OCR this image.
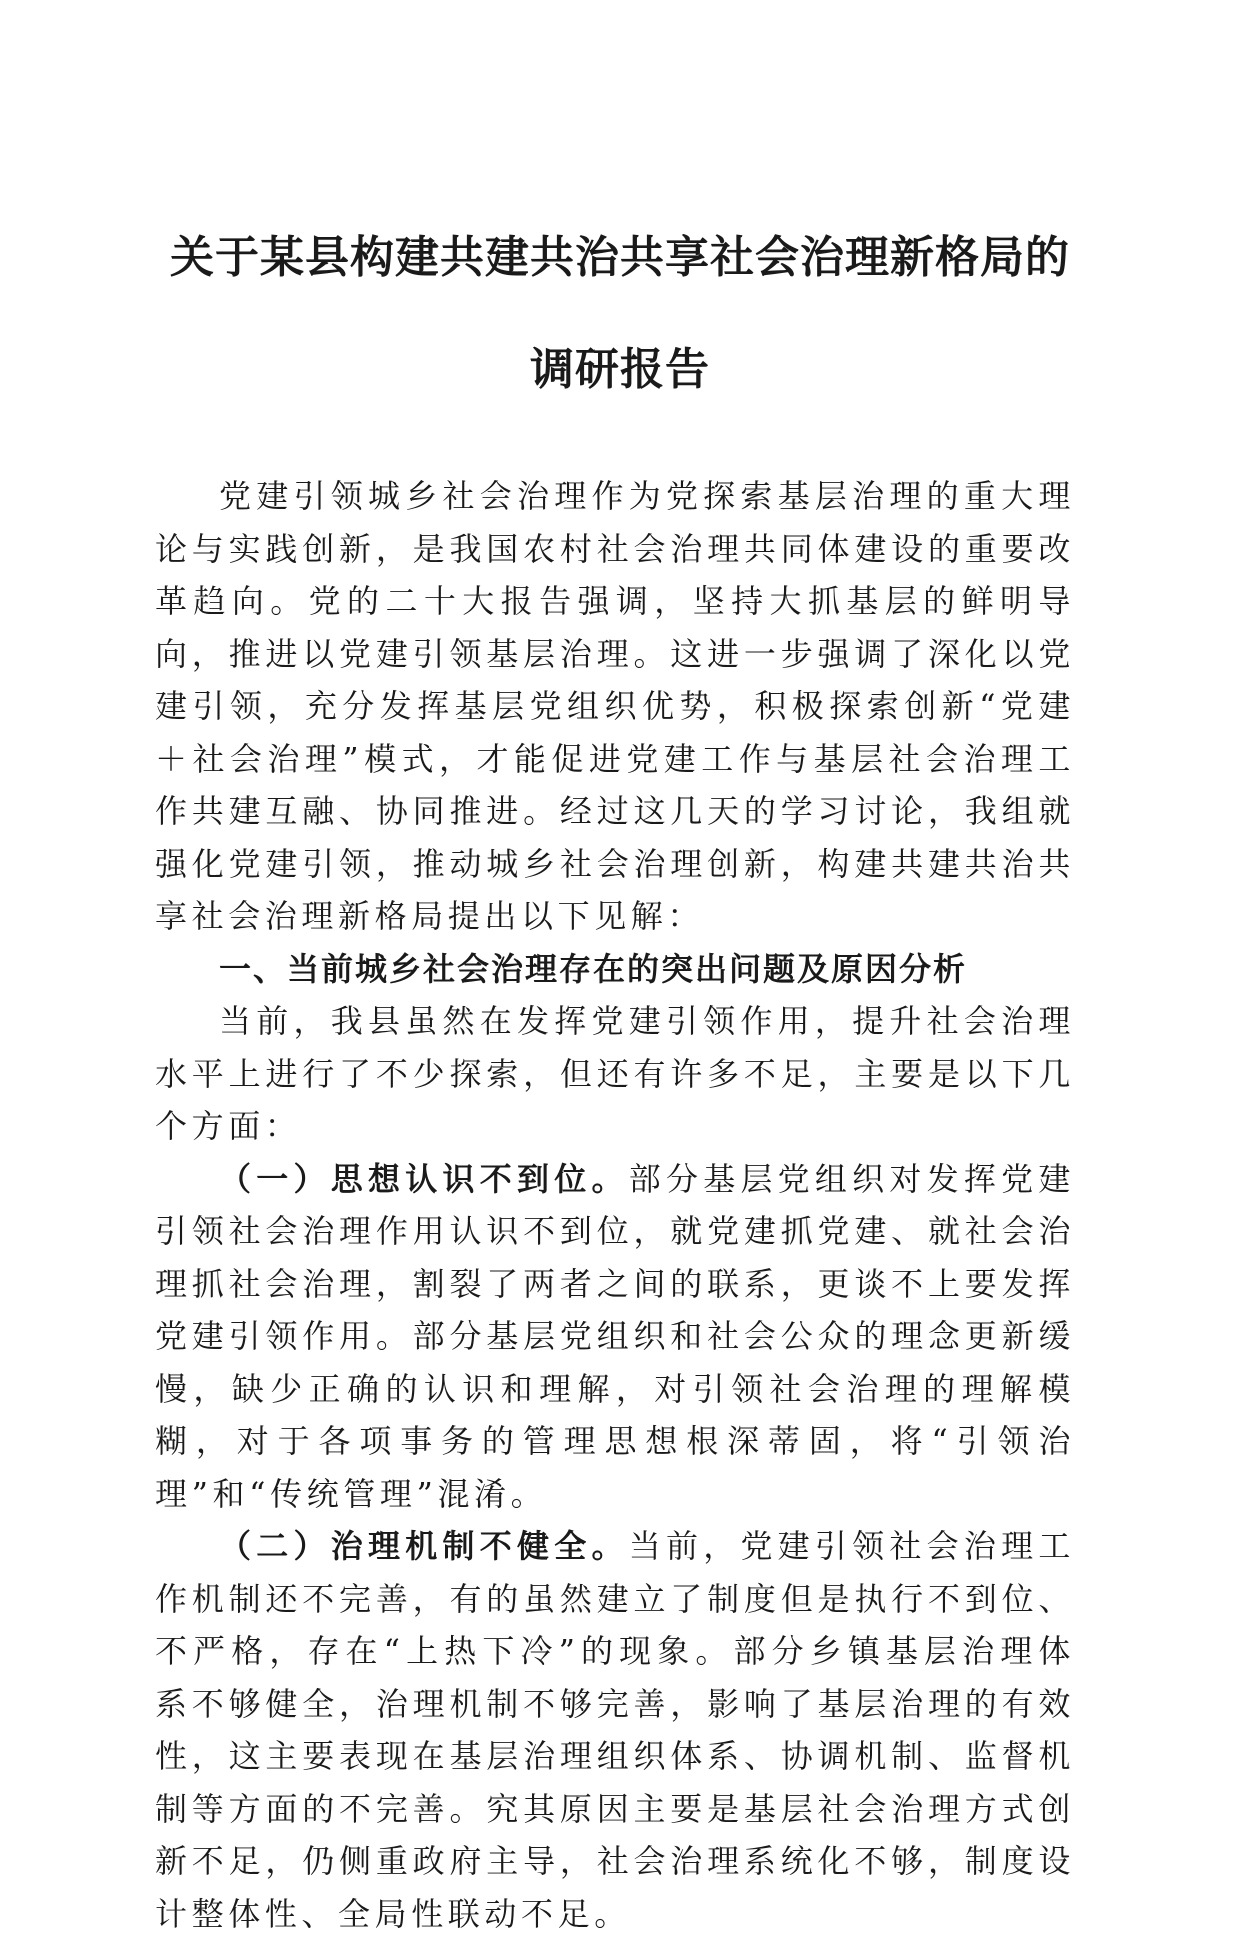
关于某县构建共建共治共享社会治理新格局的
调研报告

党建引领城乡社会治理作为党探索基层治理的重大理论与实践创新，是我国农村社会治理共同体建设的重要改革趋向。党的二十大报告强调，坚持大抓基层的鲜明导向，推进以党建引领基层治理。这进一步强调了深化以党建引领，充分发挥基层党组织优势，积极探索创新“党建＋社会治理”模式，才能促进党建工作与基层社会治理工作共建互融、协同推进。经过这几天的学习讨论，我组就强化党建引领，推动城乡社会治理创新，构建共建共治共享社会治理新格局提出以下见解：

一、当前城乡社会治理存在的突出问题及原因分析

当前，我县虽然在发挥党建引领作用，提升社会治理水平上进行了不少探索，但还有许多不足，主要是以下几个方面：

（一）思想认识不到位。部分基层党组织对发挥党建引领社会治理作用认识不到位，就党建抓党建、就社会治理抓社会治理，割裂了两者之间的联系，更谈不上要发挥党建引领作用。部分基层党组织和社会公众的理念更新缓慢，缺少正确的认识和理解，对引领社会治理的理解模糊，对于各项事务的管理思想根深蒂固，将“引领治理”和“传统管理”混淆。

（二）治理机制不健全。当前，党建引领社会治理工作机制还不完善，有的虽然建立了制度但是执行不到位、不严格，存在“上热下冷”的现象。部分乡镇基层治理体系不够健全，治理机制不够完善，影响了基层治理的有效性，这主要表现在基层治理组织体系、协调机制、监督机制等方面的不完善。究其原因主要是基层社会治理方式创新不足，仍侧重政府主导，社会治理系统化不够，制度设计整体性、全局性联动不足。
